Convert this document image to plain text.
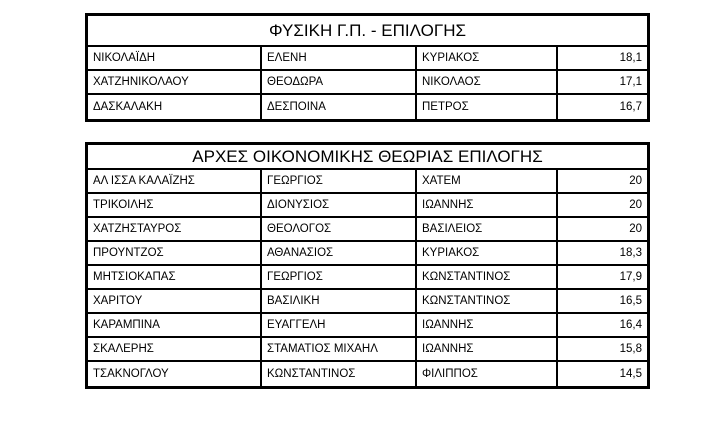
ΦΥΣΙΚΗ Γ.Π. - ΕΠΙΛΟΓΗΣ
ΝΙΚΟΛΑΪΔΗ	ΕΛΕΝΗ	ΚΥΡΙΑΚΟΣ	18,1
ΧΑΤΖΗΝΙΚΟΛΑΟΥ	ΘΕΟΔΩΡΑ	ΝΙΚΟΛΑΟΣ	17,1
ΔΑΣΚΑΛΑΚΗ	ΔΕΣΠΟΙΝΑ	ΠΕΤΡΟΣ	16,7
ΑΡΧΕΣ ΟΙΚΟΝΟΜΙΚΗΣ ΘΕΩΡΙΑΣ ΕΠΙΛΟΓΗΣ
ΑΛ ΙΣΣΑ ΚΑΛΑΪΖΗΣ	ΓΕΩΡΓΙΟΣ	ΧΑΤΕΜ	20
ΤΡΙΚΟΙΛΗΣ	ΔΙΟΝΥΣΙΟΣ	ΙΩΑΝΝΗΣ	20
ΧΑΤΖΗΣΤΑΥΡΟΣ	ΘΕΟΛΟΓΟΣ	ΒΑΣΙΛΕΙΟΣ	20
ΠΡΟΥΝΤΖΟΣ	ΑΘΑΝΑΣΙΟΣ	ΚΥΡΙΑΚΟΣ	18,3
ΜΗΤΣΙΟΚΑΠΑΣ	ΓΕΩΡΓΙΟΣ	ΚΩΝΣΤΑΝΤΙΝΟΣ	17,9
ΧΑΡΙΤΟΥ	ΒΑΣΙΛΙΚΗ	ΚΩΝΣΤΑΝΤΙΝΟΣ	16,5
ΚΑΡΑΜΠΙΝΑ	ΕΥΑΓΓΕΛΗ	ΙΩΑΝΝΗΣ	16,4
ΣΚΑΛΕΡΗΣ	ΣΤΑΜΑΤΙΟΣ ΜΙΧΑΗΛ	ΙΩΑΝΝΗΣ	15,8
ΤΣΑΚΝΟΓΛΟΥ	ΚΩΝΣΤΑΝΤΙΝΟΣ	ΦΙΛΙΠΠΟΣ	14,5
